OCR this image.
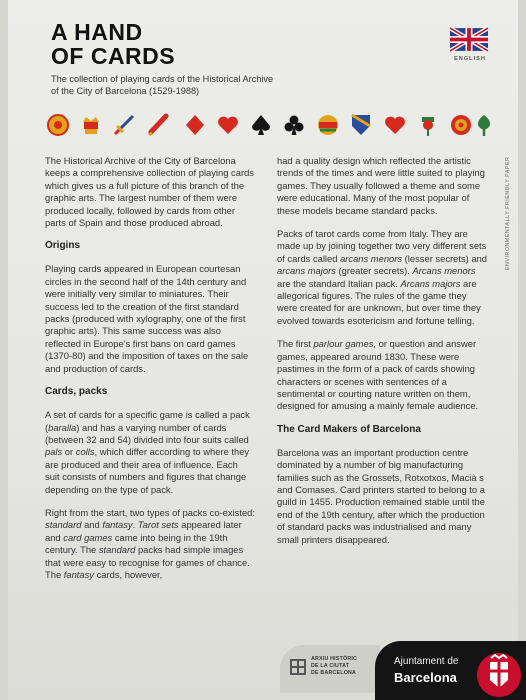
A HAND
OF CARDS
The collection of playing cards of the Historical Archive of the City of Barcelona (1529-1988)
ENGLISH

The Historical Archive of the City of Barcelona keeps a comprehensive collection of playing cards which gives us a full picture of this branch of the graphic arts. The largest number of them were produced locally, followed by cards from other parts of Spain and those produced abroad.

Origins

Playing cards appeared in European courtesan circles in the second half of the 14th century and were initially very similar to miniatures. Their success led to the creation of the first standard packs (produced with xylography, one of the first graphic arts). This same success was also reflected in Europe's first bans on card games (1370-80) and the imposition of taxes on the sale and production of cards.

Cards, packs

A set of cards for a specific game is called a pack (baralla) and has a varying number of cards (between 32 and 54) divided into four suits called pals or colls, which differ according to where they are produced and their area of influence. Each suit consists of numbers and figures that change depending on the type of pack.

Right from the start, two types of packs co-existed: standard and fantasy. Tarot sets appeared later and card games came into being in the 19th century. The standard packs had simple images that were easy to recognise for games of chance. The fantasy cards, however,

had a quality design which reflected the artistic trends of the times and were little suited to playing games. They usually followed a theme and some were educational. Many of the most popular of these models became standard packs.

Packs of tarot cards come from Italy. They are made up by joining together two very different sets of cards called arcans menors (lesser secrets) and arcans majors (greater secrets). Arcans menors are the standard Italian pack. Arcans majors are allegorical figures. The rules of the game they were created for are unknown, but over time they evolved towards esotericism and fortune telling.

The first parlour games, or question and answer games, appeared around 1830. These were pastimes in the form of a pack of cards showing characters or scenes with sentences of a sentimental or courting nature written on them, designed for amusing a mainly female audience.

The Card Makers of Barcelona

Barcelona was an important production centre dominated by a number of big manufacturing families such as the Grossets, Rotxotxos, Macià s and Comases. Card printers started to belong to a guild in 1455. Production remained stable until the end of the 19th century, after which the production of standard packs was industrialised and many small printers disappeared.

ENVIRONMENTALLY FRIENDLY PAPER
ARXIU HISTÒRIC
DE LA CIUTAT
DE BARCELONA
Ajuntament de
Barcelona
